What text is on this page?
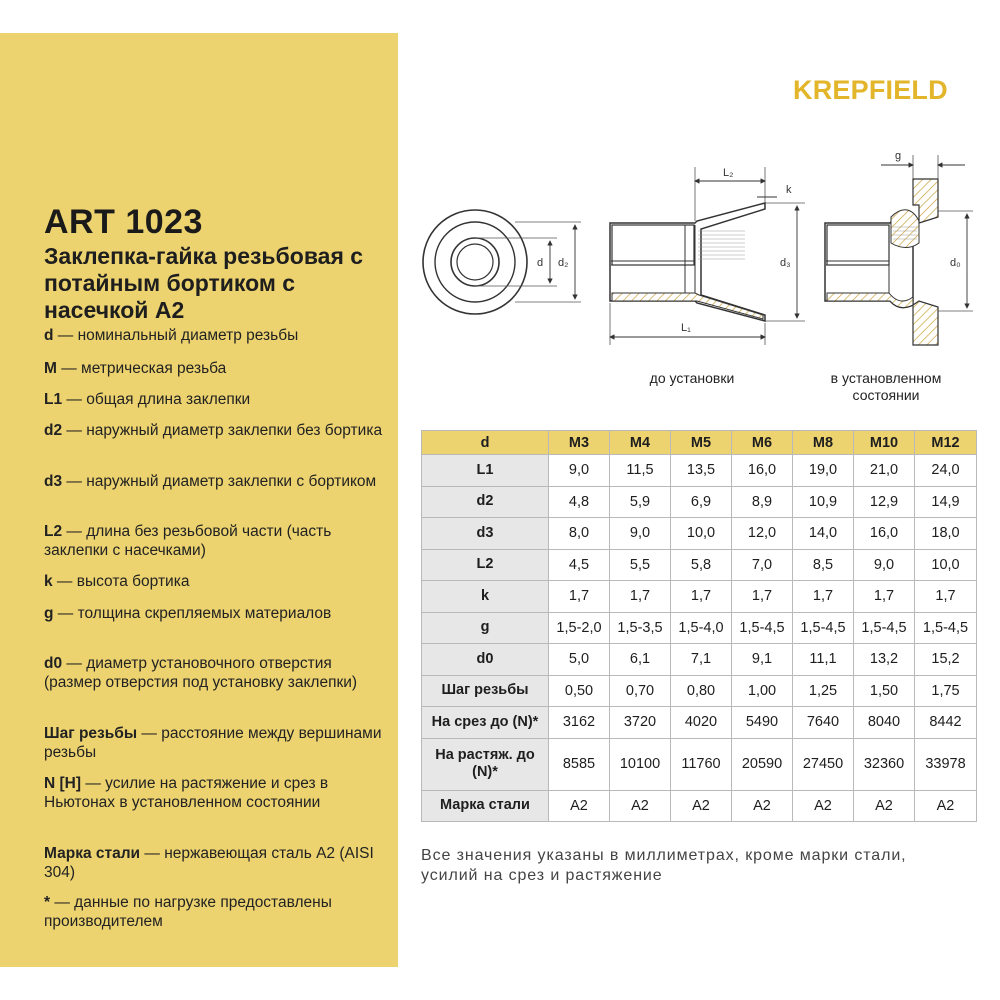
ART 1023
Заклепка-гайка резьбовая с потайным бортиком с насечкой А2
d — номинальный диаметр резьбы
M — метрическая резьба
L1 — общая длина заклепки
d2 — наружный диаметр заклепки без бортика
d3 — наружный диаметр заклепки с бортиком
L2 — длина без резьбовой части (часть заклепки с насечками)
k — высота бортика
g — толщина скрепляемых материалов
d0 — диаметр установочного отверстия (размер отверстия под установку заклепки)
Шаг резьбы — расстояние между вершинами резьбы
N [Н] — усилие на растяжение и срез в Ньютонах в установленном состоянии
Марка стали — нержавеющая сталь A2 (AISI 304)
* — данные по нагрузке предоставлены производителем
KREPFIELD
d d₂
L₂
k
d₃
L₁
g
d₀
до установки	в установленном состоянии
d	M3	M4	M5	M6	M8	M10	M12
L1	9,0	11,5	13,5	16,0	19,0	21,0	24,0
d2	4,8	5,9	6,9	8,9	10,9	12,9	14,9
d3	8,0	9,0	10,0	12,0	14,0	16,0	18,0
L2	4,5	5,5	5,8	7,0	8,5	9,0	10,0
k	1,7	1,7	1,7	1,7	1,7	1,7	1,7
g	1,5-2,0	1,5-3,5	1,5-4,0	1,5-4,5	1,5-4,5	1,5-4,5	1,5-4,5
d0	5,0	6,1	7,1	9,1	11,1	13,2	15,2
Шаг резьбы	0,50	0,70	0,80	1,00	1,25	1,50	1,75
На срез до (N)*	3162	3720	4020	5490	7640	8040	8442
На растяж. до (N)*	8585	10100	11760	20590	27450	32360	33978
Марка стали	A2	A2	A2	A2	A2	A2	A2
Все значения указаны в миллиметрах, кроме марки стали, усилий на срез и растяжение
